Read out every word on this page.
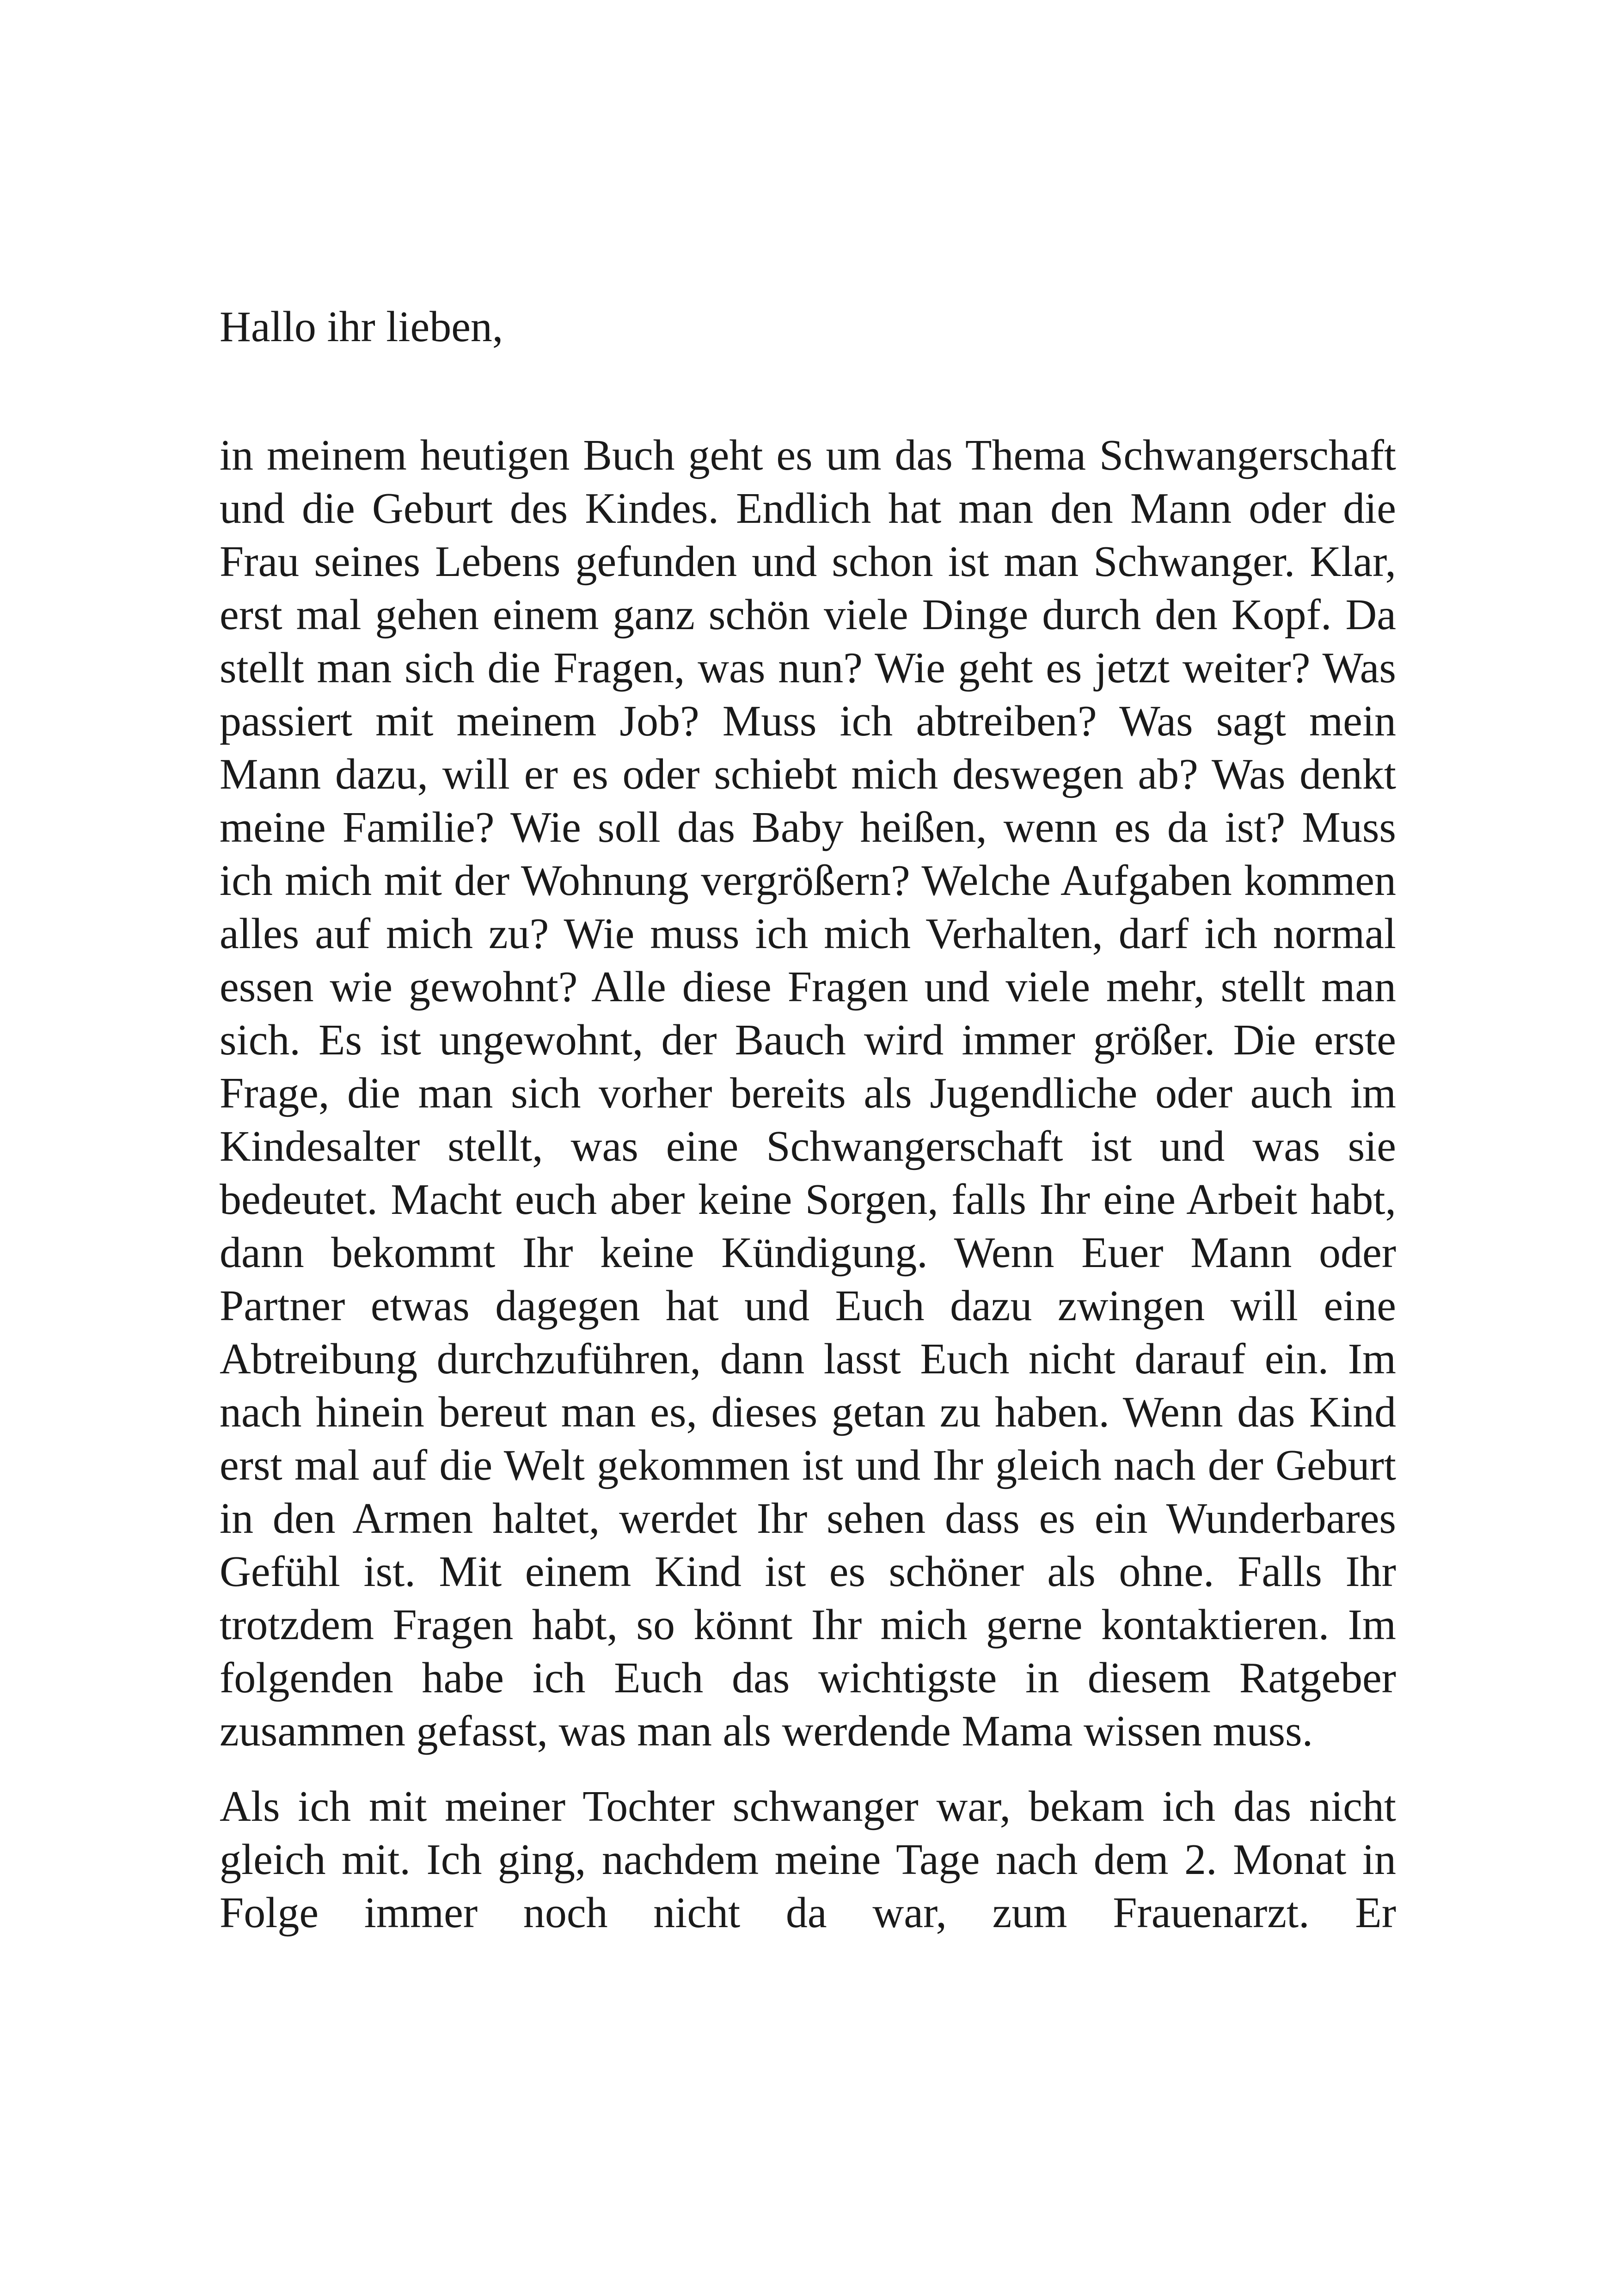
Hallo ihr lieben,

in meinem heutigen Buch geht es um das Thema Schwangerschaft und die Geburt des Kindes. Endlich hat man den Mann oder die Frau seines Lebens gefunden und schon ist man Schwanger. Klar, erst mal gehen einem ganz schön viele Dinge durch den Kopf. Da stellt man sich die Fragen, was nun? Wie geht es jetzt weiter? Was passiert mit meinem Job? Muss ich abtreiben? Was sagt mein Mann dazu, will er es oder schiebt mich deswegen ab? Was denkt meine Familie? Wie soll das Baby heißen, wenn es da ist? Muss ich mich mit der Wohnung vergrößern? Welche Aufgaben kommen alles auf mich zu? Wie muss ich mich Verhalten, darf ich normal essen wie gewohnt? Alle diese Fragen und viele mehr, stellt man sich. Es ist ungewohnt, der Bauch wird immer größer. Die erste Frage, die man sich vorher bereits als Jugendliche oder auch im Kindesalter stellt, was eine Schwangerschaft ist und was sie bedeutet. Macht euch aber keine Sorgen, falls Ihr eine Arbeit habt, dann bekommt Ihr keine Kündigung. Wenn Euer Mann oder Partner etwas dagegen hat und Euch dazu zwingen will eine Abtreibung durchzuführen, dann lasst Euch nicht darauf ein. Im nach hinein bereut man es, dieses getan zu haben. Wenn das Kind erst mal auf die Welt gekommen ist und Ihr gleich nach der Geburt in den Armen haltet, werdet Ihr sehen dass es ein Wunderbares Gefühl ist. Mit einem Kind ist es schöner als ohne. Falls Ihr trotzdem Fragen habt, so könnt Ihr mich gerne kontaktieren. Im folgenden habe ich Euch das wichtigste in diesem Ratgeber zusammen gefasst, was man als werdende Mama wissen muss.

Als ich mit meiner Tochter schwanger war, bekam ich das nicht gleich mit. Ich ging, nachdem meine Tage nach dem 2. Monat in Folge immer noch nicht da war, zum Frauenarzt. Er
